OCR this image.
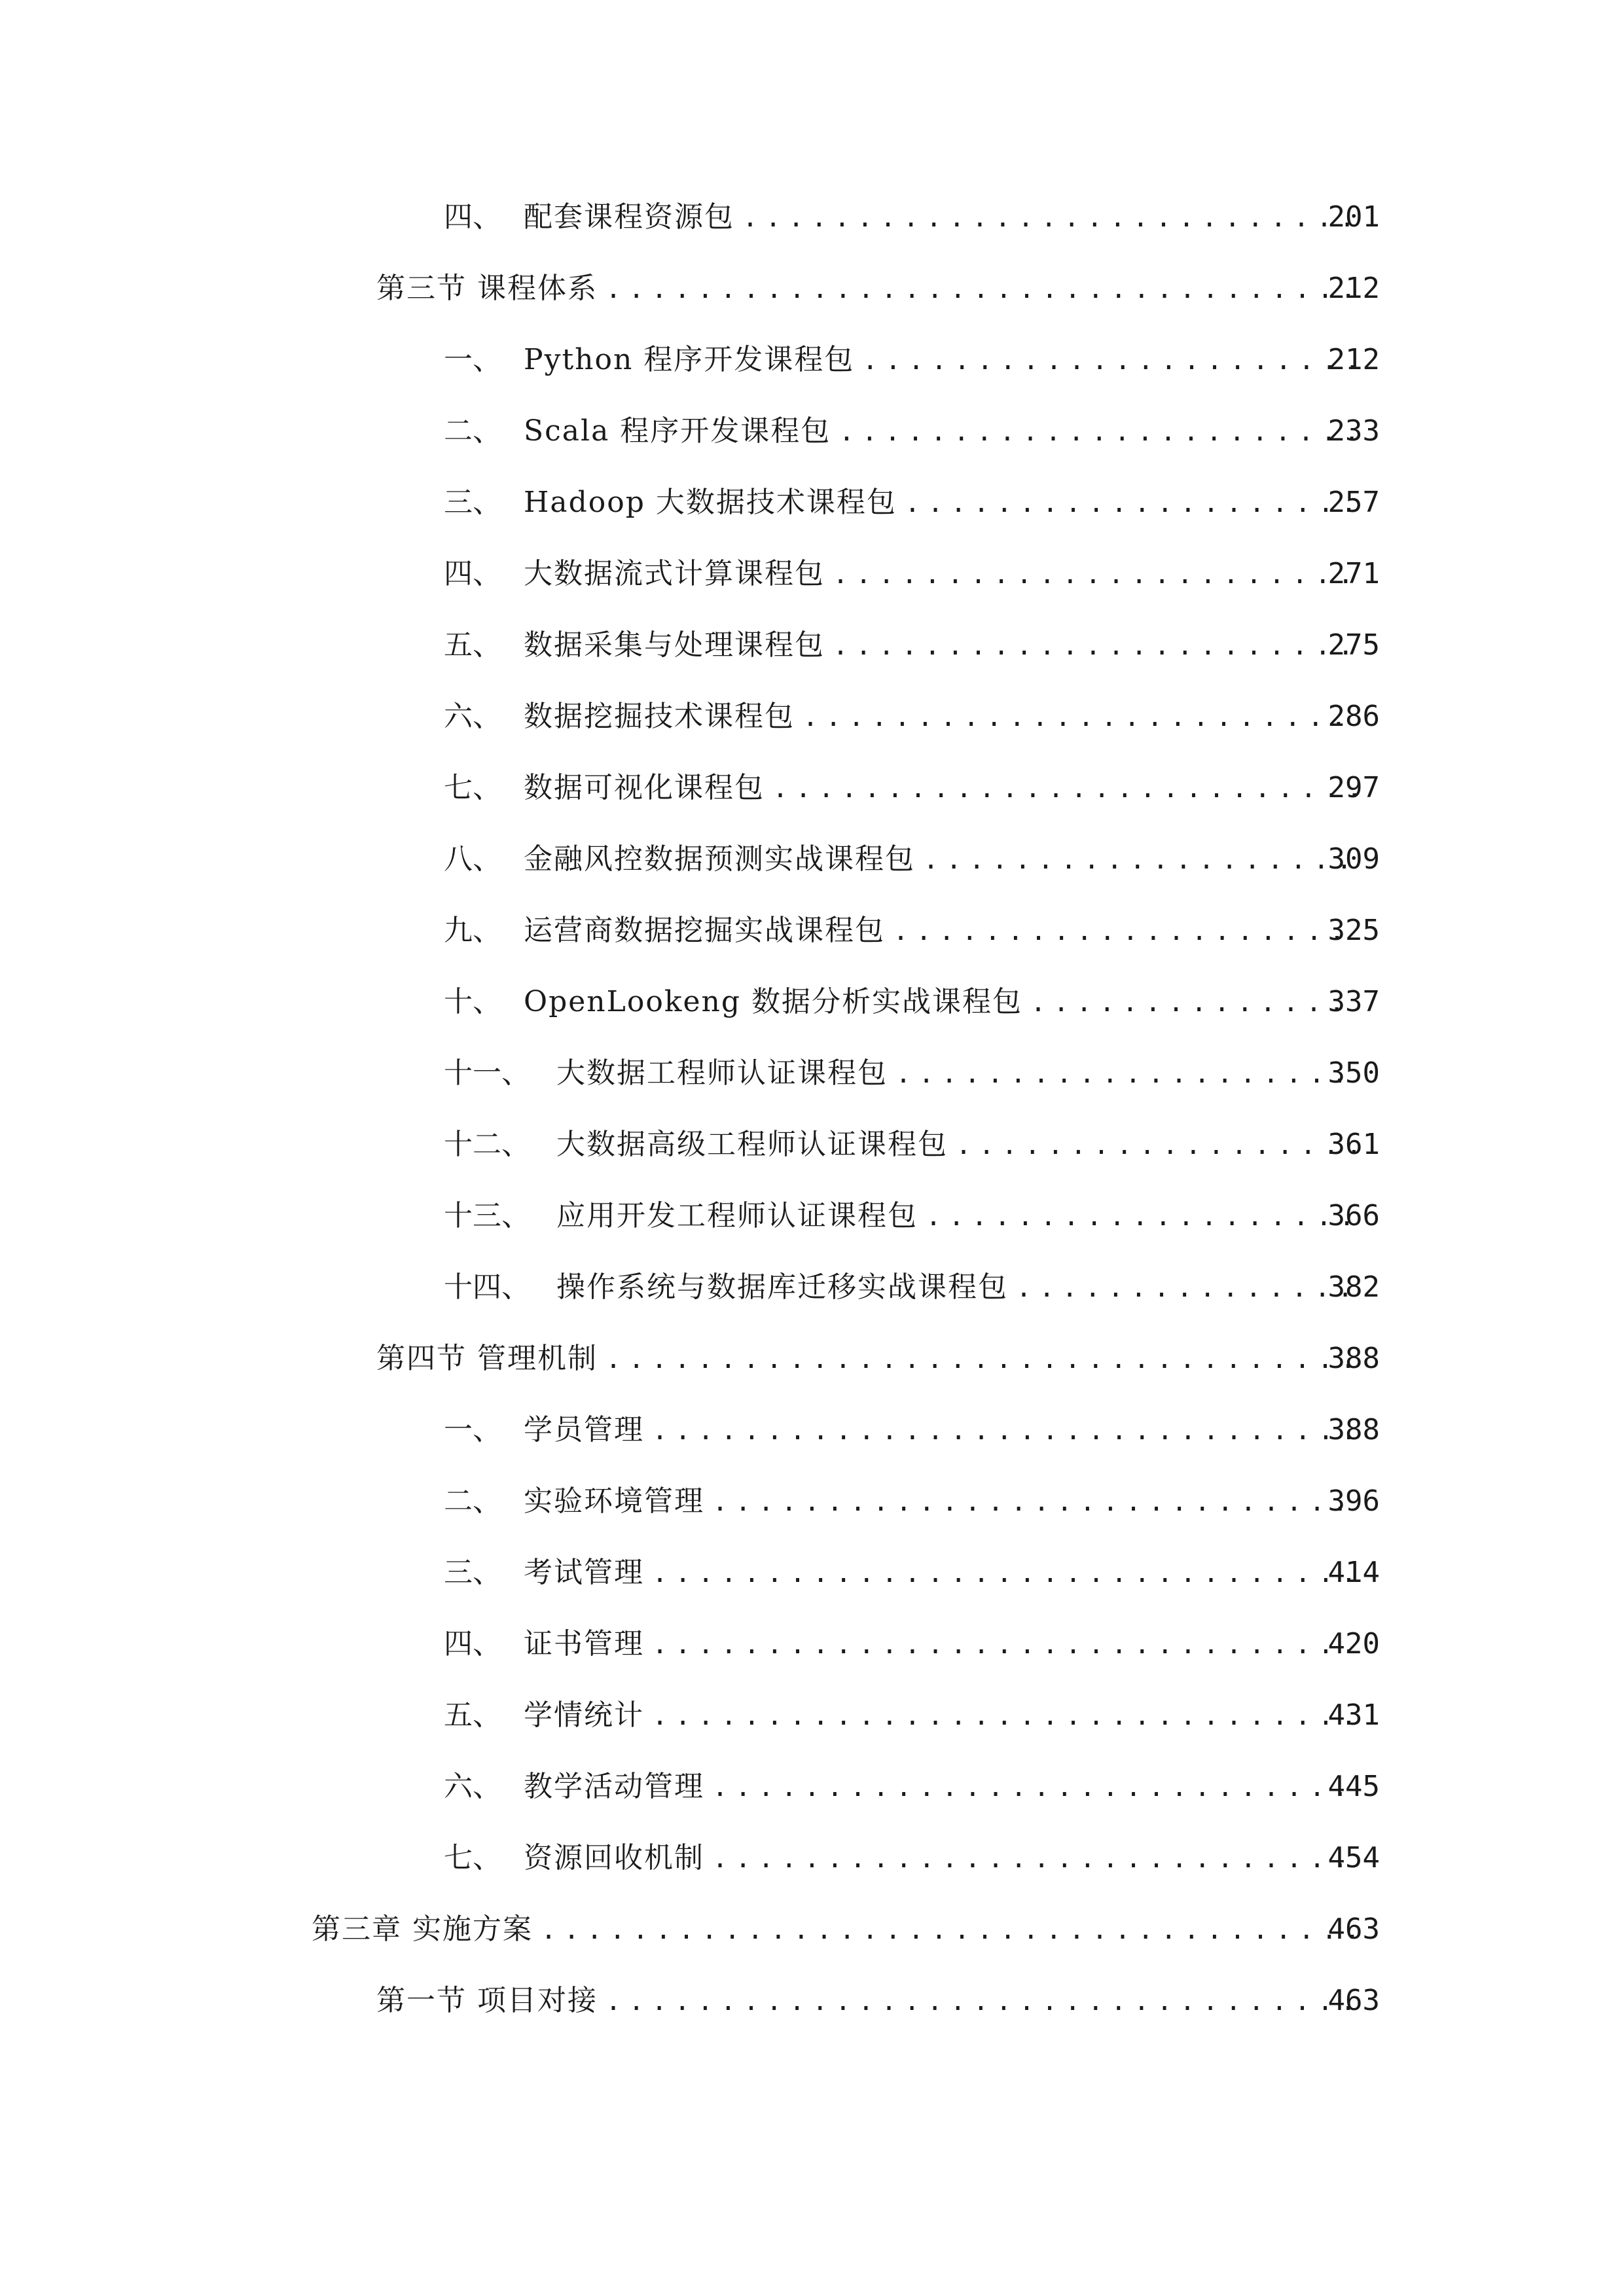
四、 配套课程资源包 .....	201
第三节 课程体系 .....	212
一、 Python 程序开发课程包 .....	212
二、 Scala 程序开发课程包 .....	233
三、 Hadoop 大数据技术课程包 .....	257
四、 大数据流式计算课程包 .....	271
五、 数据采集与处理课程包 .....	275
六、 数据挖掘技术课程包 .....	286
七、 数据可视化课程包 .....	297
八、 金融风控数据预测实战课程包 .....	309
九、 运营商数据挖掘实战课程包 .....	325
十、 OpenLookeng 数据分析实战课程包 .....	337
十一、 大数据工程师认证课程包 .....	350
十二、 大数据高级工程师认证课程包 .....	361
十三、 应用开发工程师认证课程包 .....	366
十四、 操作系统与数据库迁移实战课程包 .....	382
第四节 管理机制 .....	388
一、 学员管理 .....	388
二、 实验环境管理 .....	396
三、 考试管理 .....	414
四、 证书管理 .....	420
五、 学情统计 .....	431
六、 教学活动管理 .....	445
七、 资源回收机制 .....	454
第三章 实施方案 .....	463
第一节 项目对接 .....	463
